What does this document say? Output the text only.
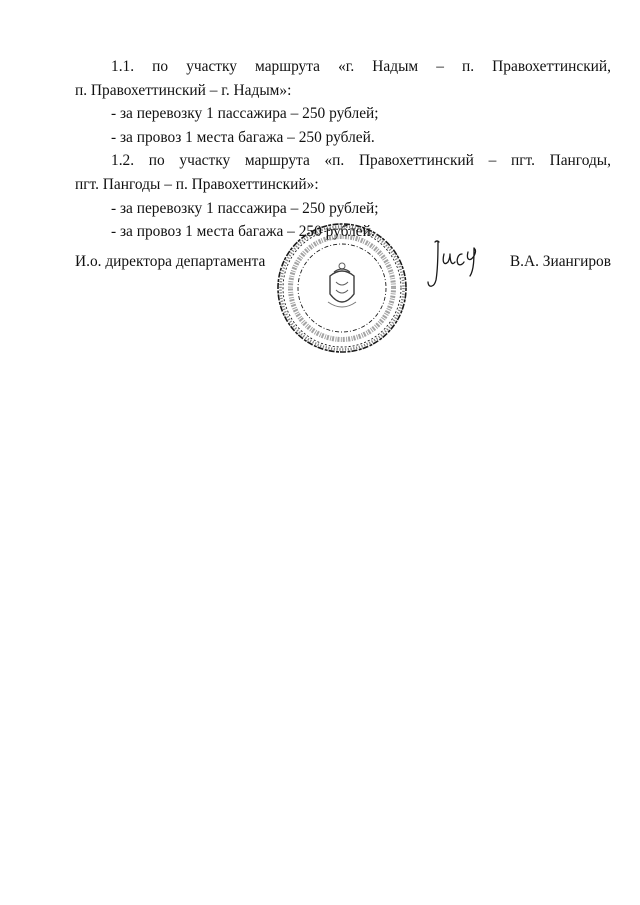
1.1. по участку маршрута «г. Надым – п. Правохеттинский,
п. Правохеттинский – г. Надым»:

- за перевозку 1 пассажира – 250 рублей;

- за провоз 1 места багажа – 250 рублей.

1.2. по участку маршрута «п. Правохеттинский – пгт. Пангоды,
пгт. Пангоды – п. Правохеттинский»:

- за перевозку 1 пассажира – 250 рублей;

- за провоз 1 места багажа – 250 рублей.

И.о. директора департамента	В.А. Зиангиров
